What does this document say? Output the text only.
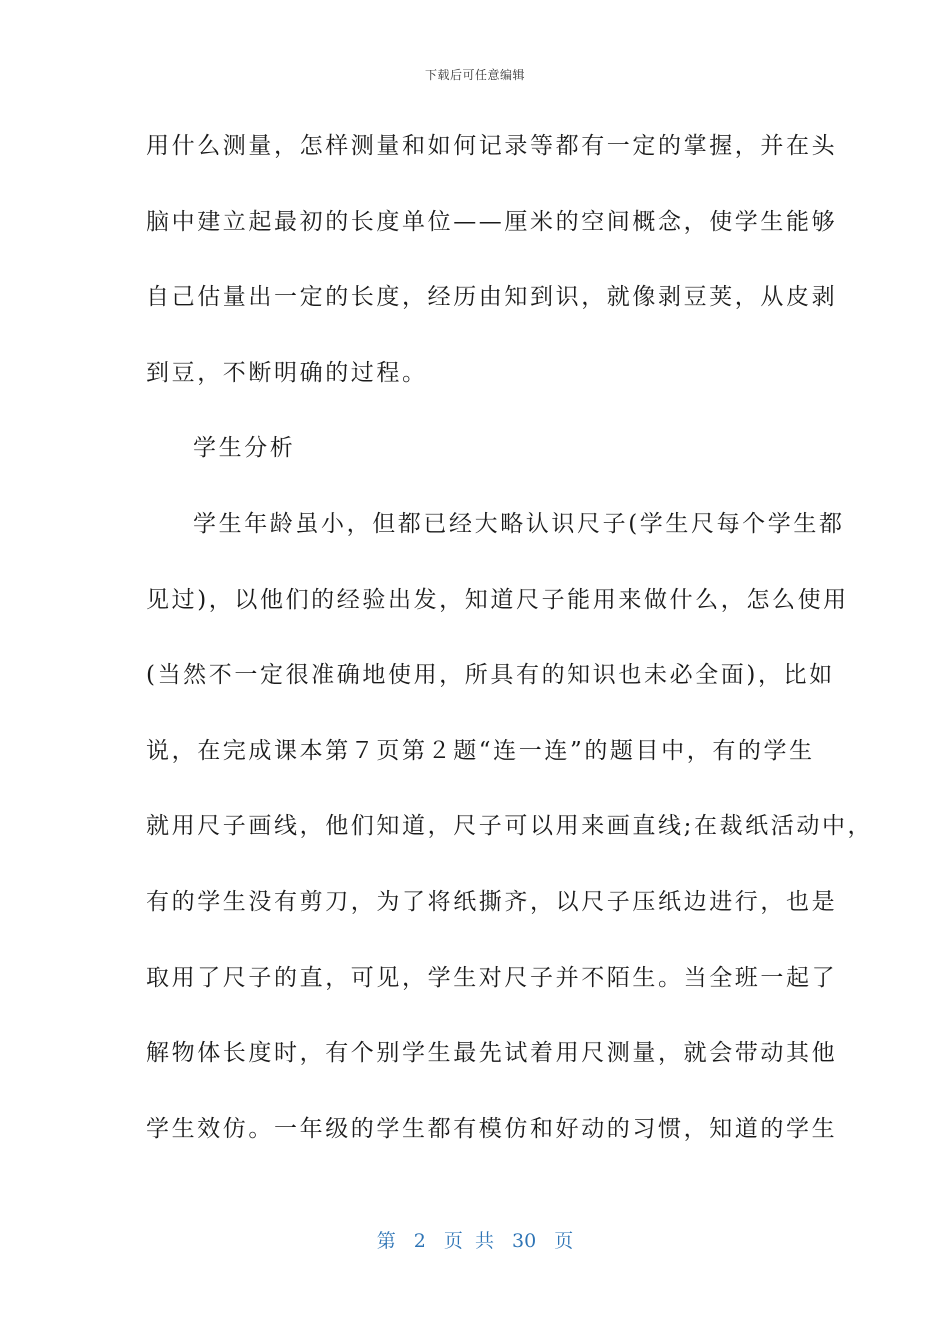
下载后可任意编辑
用什么测量，怎样测量和如何记录等都有一定的掌握，并在头
脑中建立起最初的长度单位——厘米的空间概念，使学生能够
自己估量出一定的长度，经历由知到识，就像剥豆荚，从皮剥
到豆，不断明确的过程。
学生分析
学生年龄虽小，但都已经大略认识尺子(学生尺每个学生都
见过)，以他们的经验出发，知道尺子能用来做什么，怎么使用
(当然不一定很准确地使用，所具有的知识也未必全面)，比如
说，在完成课本第７页第２题“连一连”的题目中，有的学生
就用尺子画线，他们知道，尺子可以用来画直线;在裁纸活动中，
有的学生没有剪刀，为了将纸撕齐，以尺子压纸边进行，也是
取用了尺子的直，可见，学生对尺子并不陌生。当全班一起了
解物体长度时，有个别学生最先试着用尺测量，就会带动其他
学生效仿。一年级的学生都有模仿和好动的习惯，知道的学生
第 2 页 共 30 页
